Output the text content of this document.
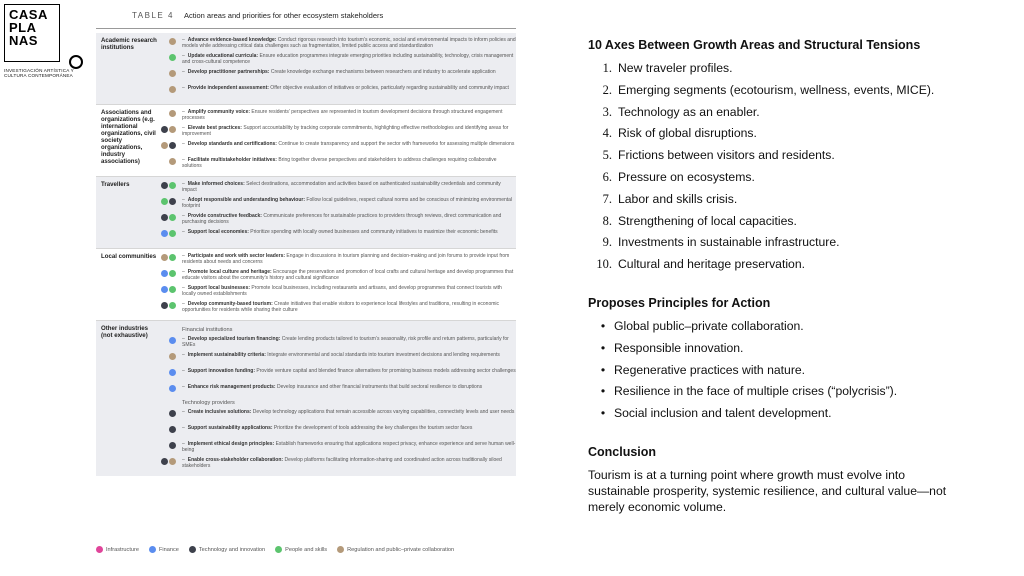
CASA
PLA
NAS
INVESTIGACIÓN ARTÍSTICA Y CULTURA CONTEMPORÁNEA
TABLE 4	Action areas and priorities for other ecosystem stakeholders
Academic research institutions
– Advance evidence-based knowledge: Conduct rigorous research into tourism’s economic, social and environmental impacts to inform policies and models while addressing critical data challenges such as fragmentation, limited public access and standardization
– Update educational curricula: Ensure education programmes integrate emerging priorities including sustainability, technology, crisis management and cross-cultural competence
– Develop practitioner partnerships: Create knowledge exchange mechanisms between researchers and industry to accelerate application
– Provide independent assessment: Offer objective evaluation of initiatives or policies, particularly regarding sustainability and community impact
Associations and organizations (e.g. international organizations, civil society organizations, industry associations)
– Amplify community voice: Ensure residents’ perspectives are represented in tourism development decisions through structured engagement processes
– Elevate best practices: Support accountability by tracking corporate commitments, highlighting effective methodologies and identifying areas for improvement
– Develop standards and certifications: Continue to create transparency and support the sector with frameworks for assessing multiple dimensions
– Facilitate multistakeholder initiatives: Bring together diverse perspectives and stakeholders to address challenges requiring collaborative solutions
Travellers	– Make informed choices: Select destinations, accommodation and activities based on authenticated sustainability credentials and community impact
– Adopt responsible and understanding behaviour: Follow local guidelines, respect cultural norms and be conscious of minimizing environmental footprint
– Provide constructive feedback: Communicate preferences for sustainable practices to providers through reviews, direct communication and purchasing decisions
– Support local economies: Prioritize spending with locally owned businesses and community initiatives to maximize their economic benefits
Local communities	– Participate and work with sector leaders: Engage in discussions in tourism planning and decision-making and join forums to provide input from residents about needs and concerns
– Promote local culture and heritage: Encourage the preservation and promotion of local crafts and cultural heritage and develop programmes that educate visitors about the community’s history and cultural significance
– Support local businesses: Promote local businesses, including restaurants and artisans, and develop programmes that connect tourists with locally owned establishments
– Develop community-based tourism: Create initiatives that enable visitors to experience local lifestyles and traditions, resulting in economic opportunities for residents while sharing their culture
Other industries (not exhaustive)
Financial institutions
– Develop specialized tourism financing: Create lending products tailored to tourism’s seasonality, risk profile and return patterns, particularly for SMEs
– Implement sustainability criteria: Integrate environmental and social standards into tourism investment decisions and lending requirements
– Support innovation funding: Provide venture capital and blended finance alternatives for promising business models addressing sector challenges
– Enhance risk management products: Develop insurance and other financial instruments that build sectoral resilience to disruptions
Technology providers
– Create inclusive solutions: Develop technology applications that remain accessible across varying capabilities, connectivity levels and user needs
– Support sustainability applications: Prioritize the development of tools addressing the key challenges the tourism sector faces
– Implement ethical design principles: Establish frameworks ensuring that applications respect privacy, enhance experience and serve human well-being
– Enable cross-stakeholder collaboration: Develop platforms facilitating information-sharing and coordinated action across traditionally siloed stakeholders
Infrastructure	Finance	Technology and innovation	People and skills	Regulation and public–private collaboration
10 Axes Between Growth Areas and Structural Tensions
1. New traveler profiles.
2. Emerging segments (ecotourism, wellness, events, MICE).
3. Technology as an enabler.
4. Risk of global disruptions.
5. Frictions between visitors and residents.
6. Pressure on ecosystems.
7. Labor and skills crisis.
8. Strengthening of local capacities.
9. Investments in sustainable infrastructure.
10. Cultural and heritage preservation.
Proposes Principles for Action
• Global public–private collaboration.
• Responsible innovation.
• Regenerative practices with nature.
• Resilience in the face of multiple crises (“polycrisis”).
• Social inclusion and talent development.
Conclusion
Tourism is at a turning point where growth must evolve into sustainable prosperity, systemic resilience, and cultural value—not merely economic volume.
